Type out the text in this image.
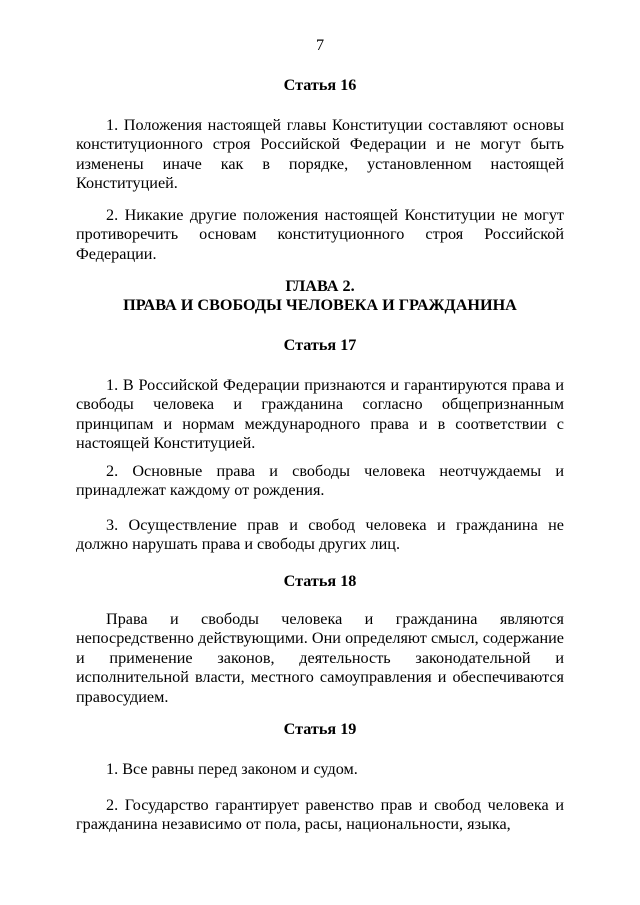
7
Статья 16

1. Положения настоящей главы Конституции составляют основы конституционного строя Российской Федерации и не могут быть изменены иначе как в порядке, установленном настоящей Конституцией.

2. Никакие другие положения настоящей Конституции не могут противоречить основам конституционного строя Российской Федерации.

ГЛАВА 2.
ПРАВА И СВОБОДЫ ЧЕЛОВЕКА И ГРАЖДАНИНА
Статья 17

1. В Российской Федерации признаются и гарантируются права и свободы человека и гражданина согласно общепризнанным принципам и нормам международного права и в соответствии с настоящей Конституцией.

2. Основные права и свободы человека неотчуждаемы и принадлежат каждому от рождения.

3. Осуществление прав и свобод человека и гражданина не должно нарушать права и свободы других лиц.

Статья 18

Права и свободы человека и гражданина являются непосредственно действующими. Они определяют смысл, содержание и применение законов, деятельность законодательной и исполнительной власти, местного самоуправления и обеспечиваются правосудием.

Статья 19

1. Все равны перед законом и судом.

2. Государство гарантирует равенство прав и свобод человека и гражданина независимо от пола, расы, национальности, языка,
